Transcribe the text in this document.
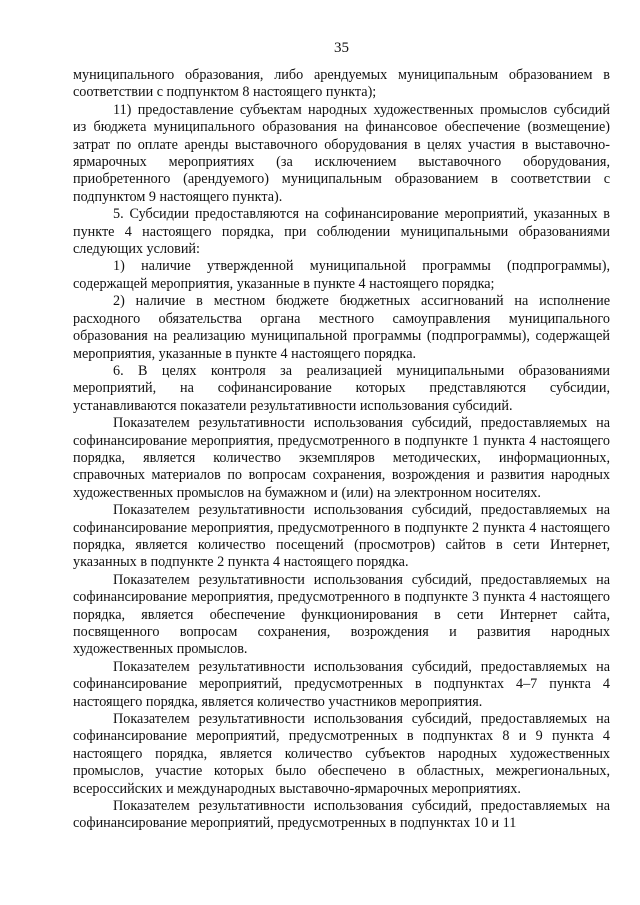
35

муниципального образования, либо арендуемых муниципальным образованием в соответствии с подпунктом 8 настоящего пункта);

11) предоставление субъектам народных художественных промыслов субсидий из бюджета муниципального образования на финансовое обеспечение (возмещение) затрат по оплате аренды выставочного оборудования в целях участия в выставочно-ярмарочных мероприятиях (за исключением выставочного оборудования, приобретенного (арендуемого) муниципальным образованием в соответствии с подпунктом 9 настоящего пункта).

5. Субсидии предоставляются на софинансирование мероприятий, указанных в пункте 4 настоящего порядка, при соблюдении муниципальными образованиями следующих условий:

1) наличие утвержденной муниципальной программы (подпрограммы), содержащей мероприятия, указанные в пункте 4 настоящего порядка;

2) наличие в местном бюджете бюджетных ассигнований на исполнение расходного обязательства органа местного самоуправления муниципального образования на реализацию муниципальной программы (подпрограммы), содержащей мероприятия, указанные в пункте 4 настоящего порядка.

6. В целях контроля за реализацией муниципальными образованиями мероприятий, на софинансирование которых представляются субсидии, устанавливаются показатели результативности использования субсидий.

Показателем результативности использования субсидий, предоставляемых на софинансирование мероприятия, предусмотренного в подпункте 1 пункта 4 настоящего порядка, является количество экземпляров методических, информационных, справочных материалов по вопросам сохранения, возрождения и развития народных художественных промыслов на бумажном и (или) на электронном носителях.

Показателем результативности использования субсидий, предоставляемых на софинансирование мероприятия, предусмотренного в подпункте 2 пункта 4 настоящего порядка, является количество посещений (просмотров) сайтов в сети Интернет, указанных в подпункте 2 пункта 4 настоящего порядка.

Показателем результативности использования субсидий, предоставляемых на софинансирование мероприятия, предусмотренного в подпункте 3 пункта 4 настоящего порядка, является обеспечение функционирования в сети Интернет сайта, посвященного вопросам сохранения, возрождения и развития народных художественных промыслов.

Показателем результативности использования субсидий, предоставляемых на софинансирование мероприятий, предусмотренных в подпунктах 4–7 пункта 4 настоящего порядка, является количество участников мероприятия.

Показателем результативности использования субсидий, предоставляемых на софинансирование мероприятий, предусмотренных в подпунктах 8 и 9 пункта 4 настоящего порядка, является количество субъектов народных художественных промыслов, участие которых было обеспечено в областных, межрегиональных, всероссийских и международных выставочно-ярмарочных мероприятиях.

Показателем результативности использования субсидий, предоставляемых на софинансирование мероприятий, предусмотренных в подпунктах 10 и 11
